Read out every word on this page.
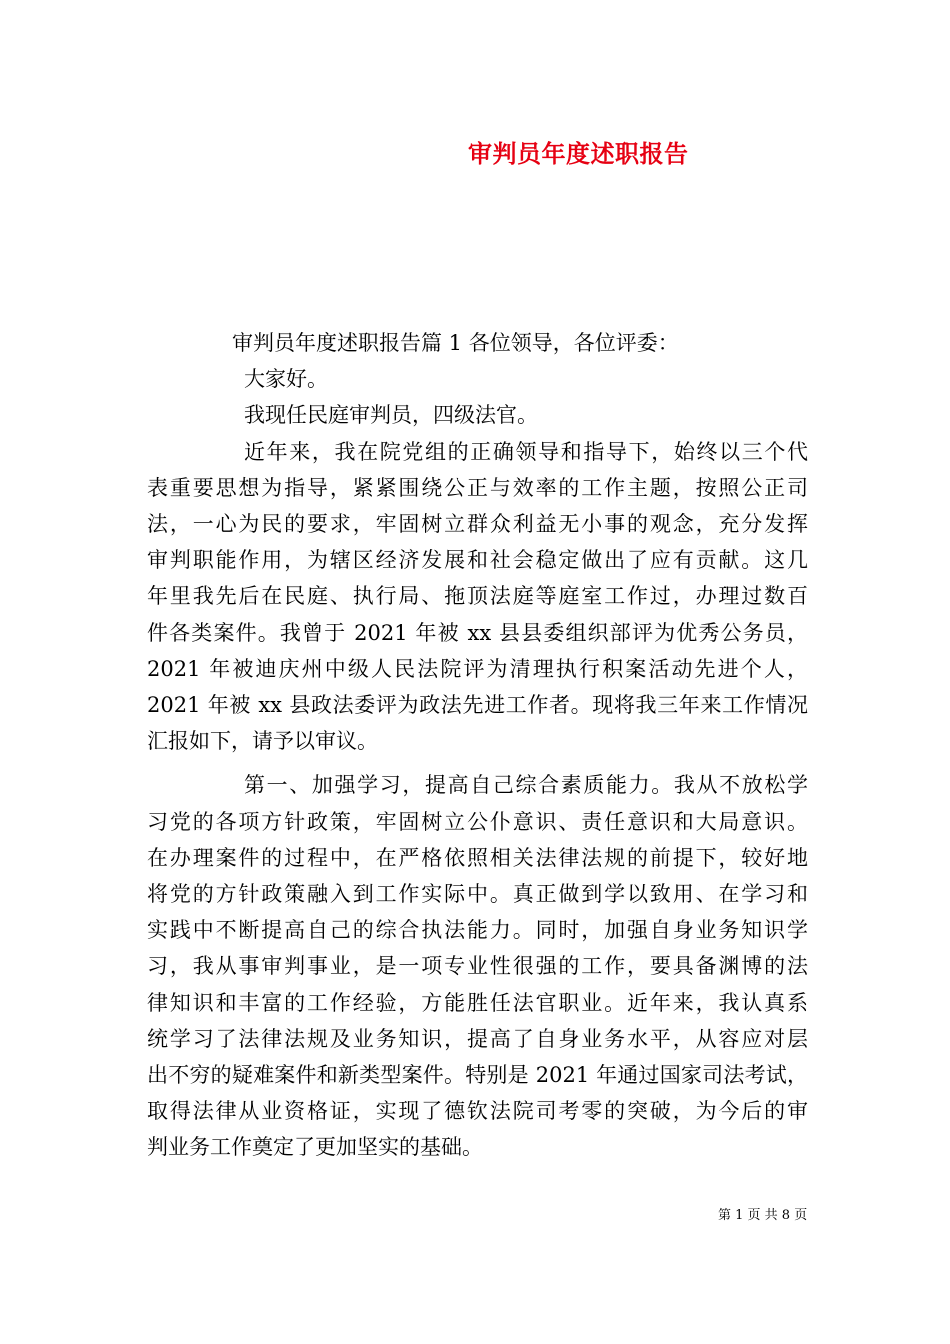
审判员年度述职报告
审判员年度述职报告篇 1 各位领导，各位评委：
大家好。
我现任民庭审判员，四级法官。
近年来，我在院党组的正确领导和指导下，始终以三个代
表重要思想为指导，紧紧围绕公正与效率的工作主题，按照公正司
法，一心为民的要求，牢固树立群众利益无小事的观念，充分发挥
审判职能作用，为辖区经济发展和社会稳定做出了应有贡献。这几
年里我先后在民庭、执行局、拖顶法庭等庭室工作过，办理过数百
件各类案件。我曾于 2021 年被 xx 县县委组织部评为优秀公务员，
2021 年被迪庆州中级人民法院评为清理执行积案活动先进个人，
2021 年被 xx 县政法委评为政法先进工作者。现将我三年来工作情况
汇报如下，请予以审议。
第一、加强学习，提高自己综合素质能力。我从不放松学
习党的各项方针政策，牢固树立公仆意识、责任意识和大局意识。
在办理案件的过程中，在严格依照相关法律法规的前提下，较好地
将党的方针政策融入到工作实际中。真正做到学以致用、在学习和
实践中不断提高自己的综合执法能力。同时，加强自身业务知识学
习，我从事审判事业，是一项专业性很强的工作，要具备渊博的法
律知识和丰富的工作经验，方能胜任法官职业。近年来，我认真系
统学习了法律法规及业务知识，提高了自身业务水平，从容应对层
出不穷的疑难案件和新类型案件。特别是 2021 年通过国家司法考试，
取得法律从业资格证，实现了德钦法院司考零的突破，为今后的审
判业务工作奠定了更加坚实的基础。
第 1 页 共 8 页
